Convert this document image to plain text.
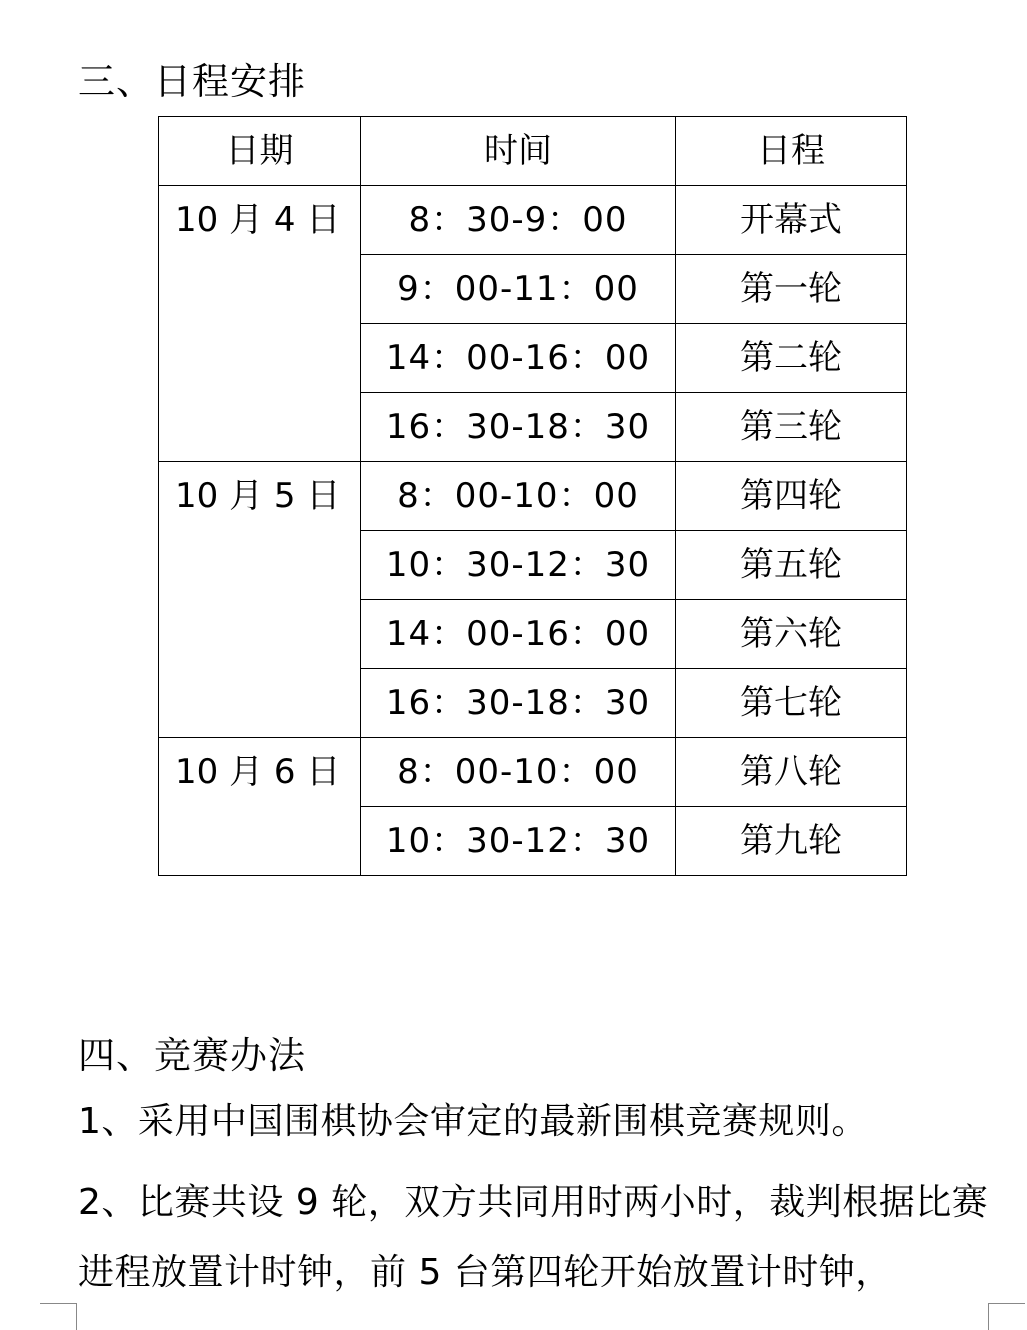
三、日程安排
日期	时间	日程
10 月 4 日	8：30-9：00	开幕式
	9：00-11：00	第一轮
	14：00-16：00	第二轮
	16：30-18：30	第三轮
10 月 5 日	8：00-10：00	第四轮
	10：30-12：30	第五轮
	14：00-16：00	第六轮
	16：30-18：30	第七轮
10 月 6 日	8：00-10：00	第八轮
	10：30-12：30	第九轮
四、竞赛办法

1、采用中国围棋协会审定的最新围棋竞赛规则。

2、比赛共设 9 轮，双方共同用时两小时，裁判根据比赛进程放置计时钟，前 5 台第四轮开始放置计时钟，
